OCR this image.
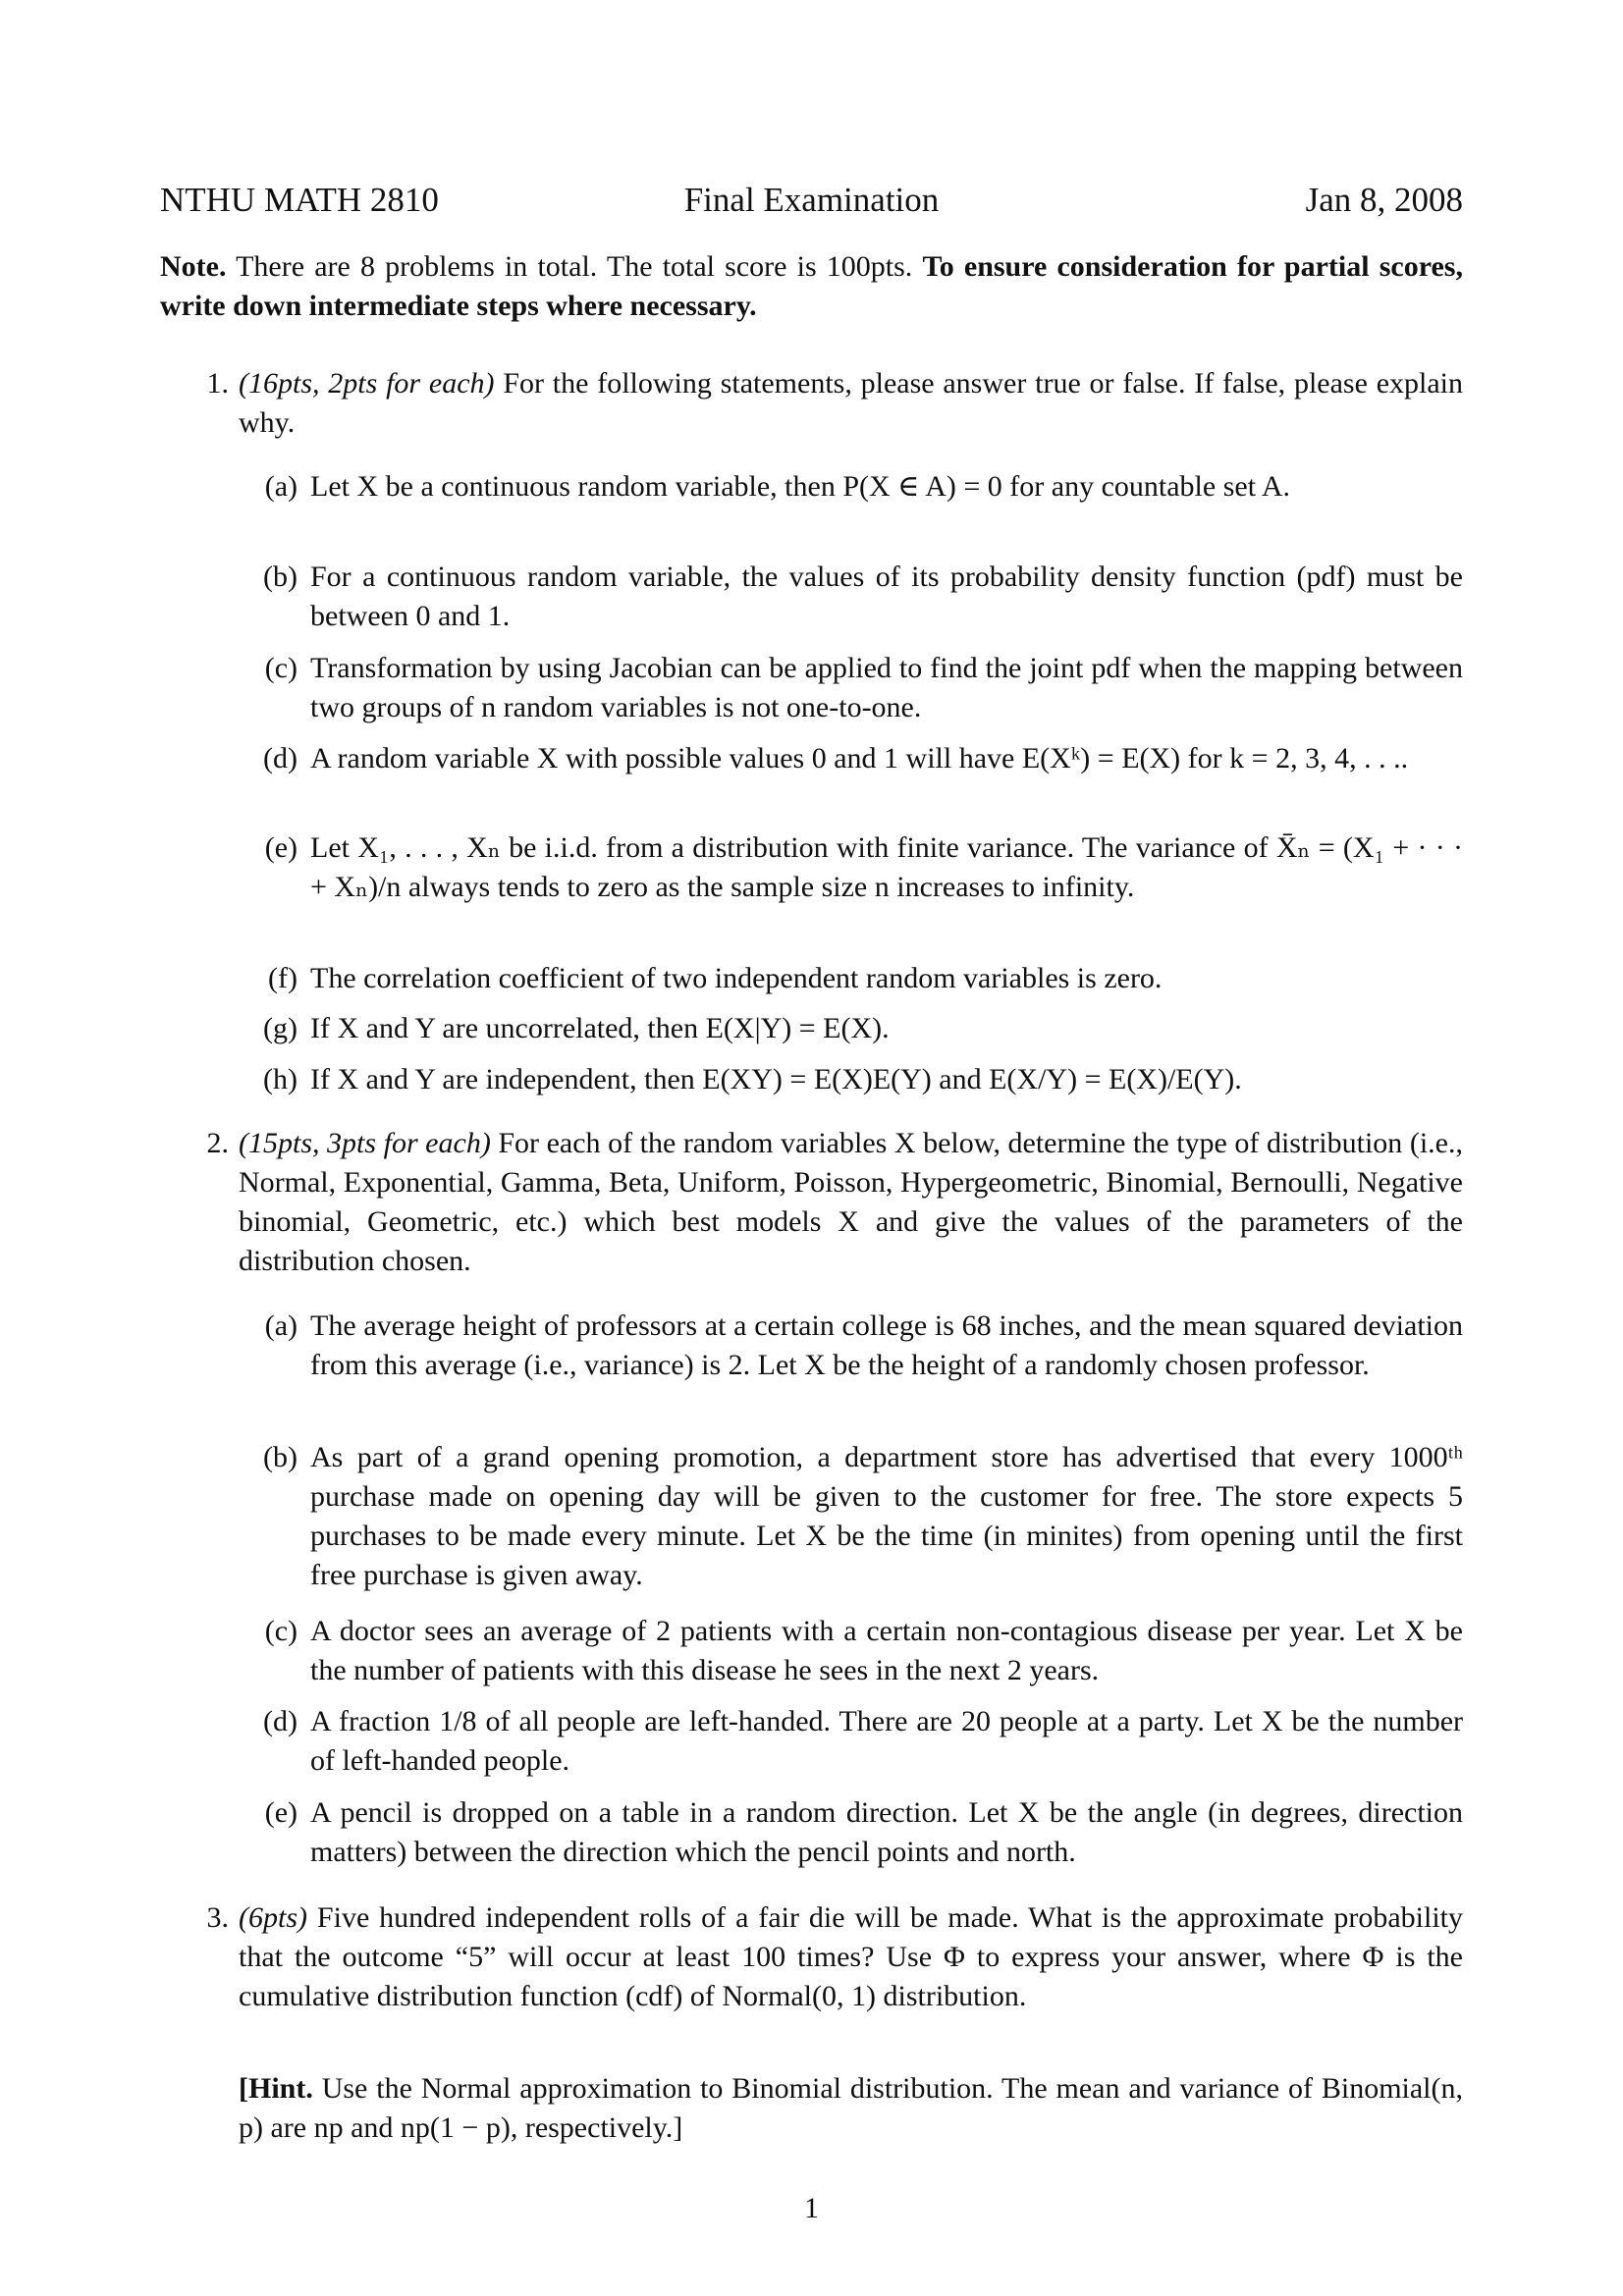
NTHU MATH 2810	Final Examination	Jan 8, 2008
Note. There are 8 problems in total. The total score is 100pts. To ensure consideration for partial scores, write down intermediate steps where necessary.
1. (16pts, 2pts for each) For the following statements, please answer true or false. If false, please explain why.
(a) Let X be a continuous random variable, then P(X ∈ A) = 0 for any countable set A.
(b) For a continuous random variable, the values of its probability density function (pdf) must be between 0 and 1.
(c) Transformation by using Jacobian can be applied to find the joint pdf when the mapping between two groups of n random variables is not one-to-one.
(d) A random variable X with possible values 0 and 1 will have E(Xᵏ) = E(X) for k = 2, 3, 4, . . ..
(e) Let X₁, . . . , Xₙ be i.i.d. from a distribution with finite variance. The variance of X̄ₙ = (X₁ + · · · + Xₙ)/n always tends to zero as the sample size n increases to infinity.
(f) The correlation coefficient of two independent random variables is zero.
(g) If X and Y are uncorrelated, then E(X|Y) = E(X).
(h) If X and Y are independent, then E(XY) = E(X)E(Y) and E(X/Y) = E(X)/E(Y).
2. (15pts, 3pts for each) For each of the random variables X below, determine the type of distribution (i.e., Normal, Exponential, Gamma, Beta, Uniform, Poisson, Hypergeometric, Binomial, Bernoulli, Negative binomial, Geometric, etc.) which best models X and give the values of the parameters of the distribution chosen.
(a) The average height of professors at a certain college is 68 inches, and the mean squared deviation from this average (i.e., variance) is 2. Let X be the height of a randomly chosen professor.
(b) As part of a grand opening promotion, a department store has advertised that every 1000ᵗʰ purchase made on opening day will be given to the customer for free. The store expects 5 purchases to be made every minute. Let X be the time (in minites) from opening until the first free purchase is given away.
(c) A doctor sees an average of 2 patients with a certain non-contagious disease per year. Let X be the number of patients with this disease he sees in the next 2 years.
(d) A fraction 1/8 of all people are left-handed. There are 20 people at a party. Let X be the number of left-handed people.
(e) A pencil is dropped on a table in a random direction. Let X be the angle (in degrees, direction matters) between the direction which the pencil points and north.
3. (6pts) Five hundred independent rolls of a fair die will be made. What is the approximate probability that the outcome “5” will occur at least 100 times? Use Φ to express your answer, where Φ is the cumulative distribution function (cdf) of Normal(0, 1) distribution.
[Hint. Use the Normal approximation to Binomial distribution. The mean and variance of Binomial(n, p) are np and np(1 − p), respectively.]
1
